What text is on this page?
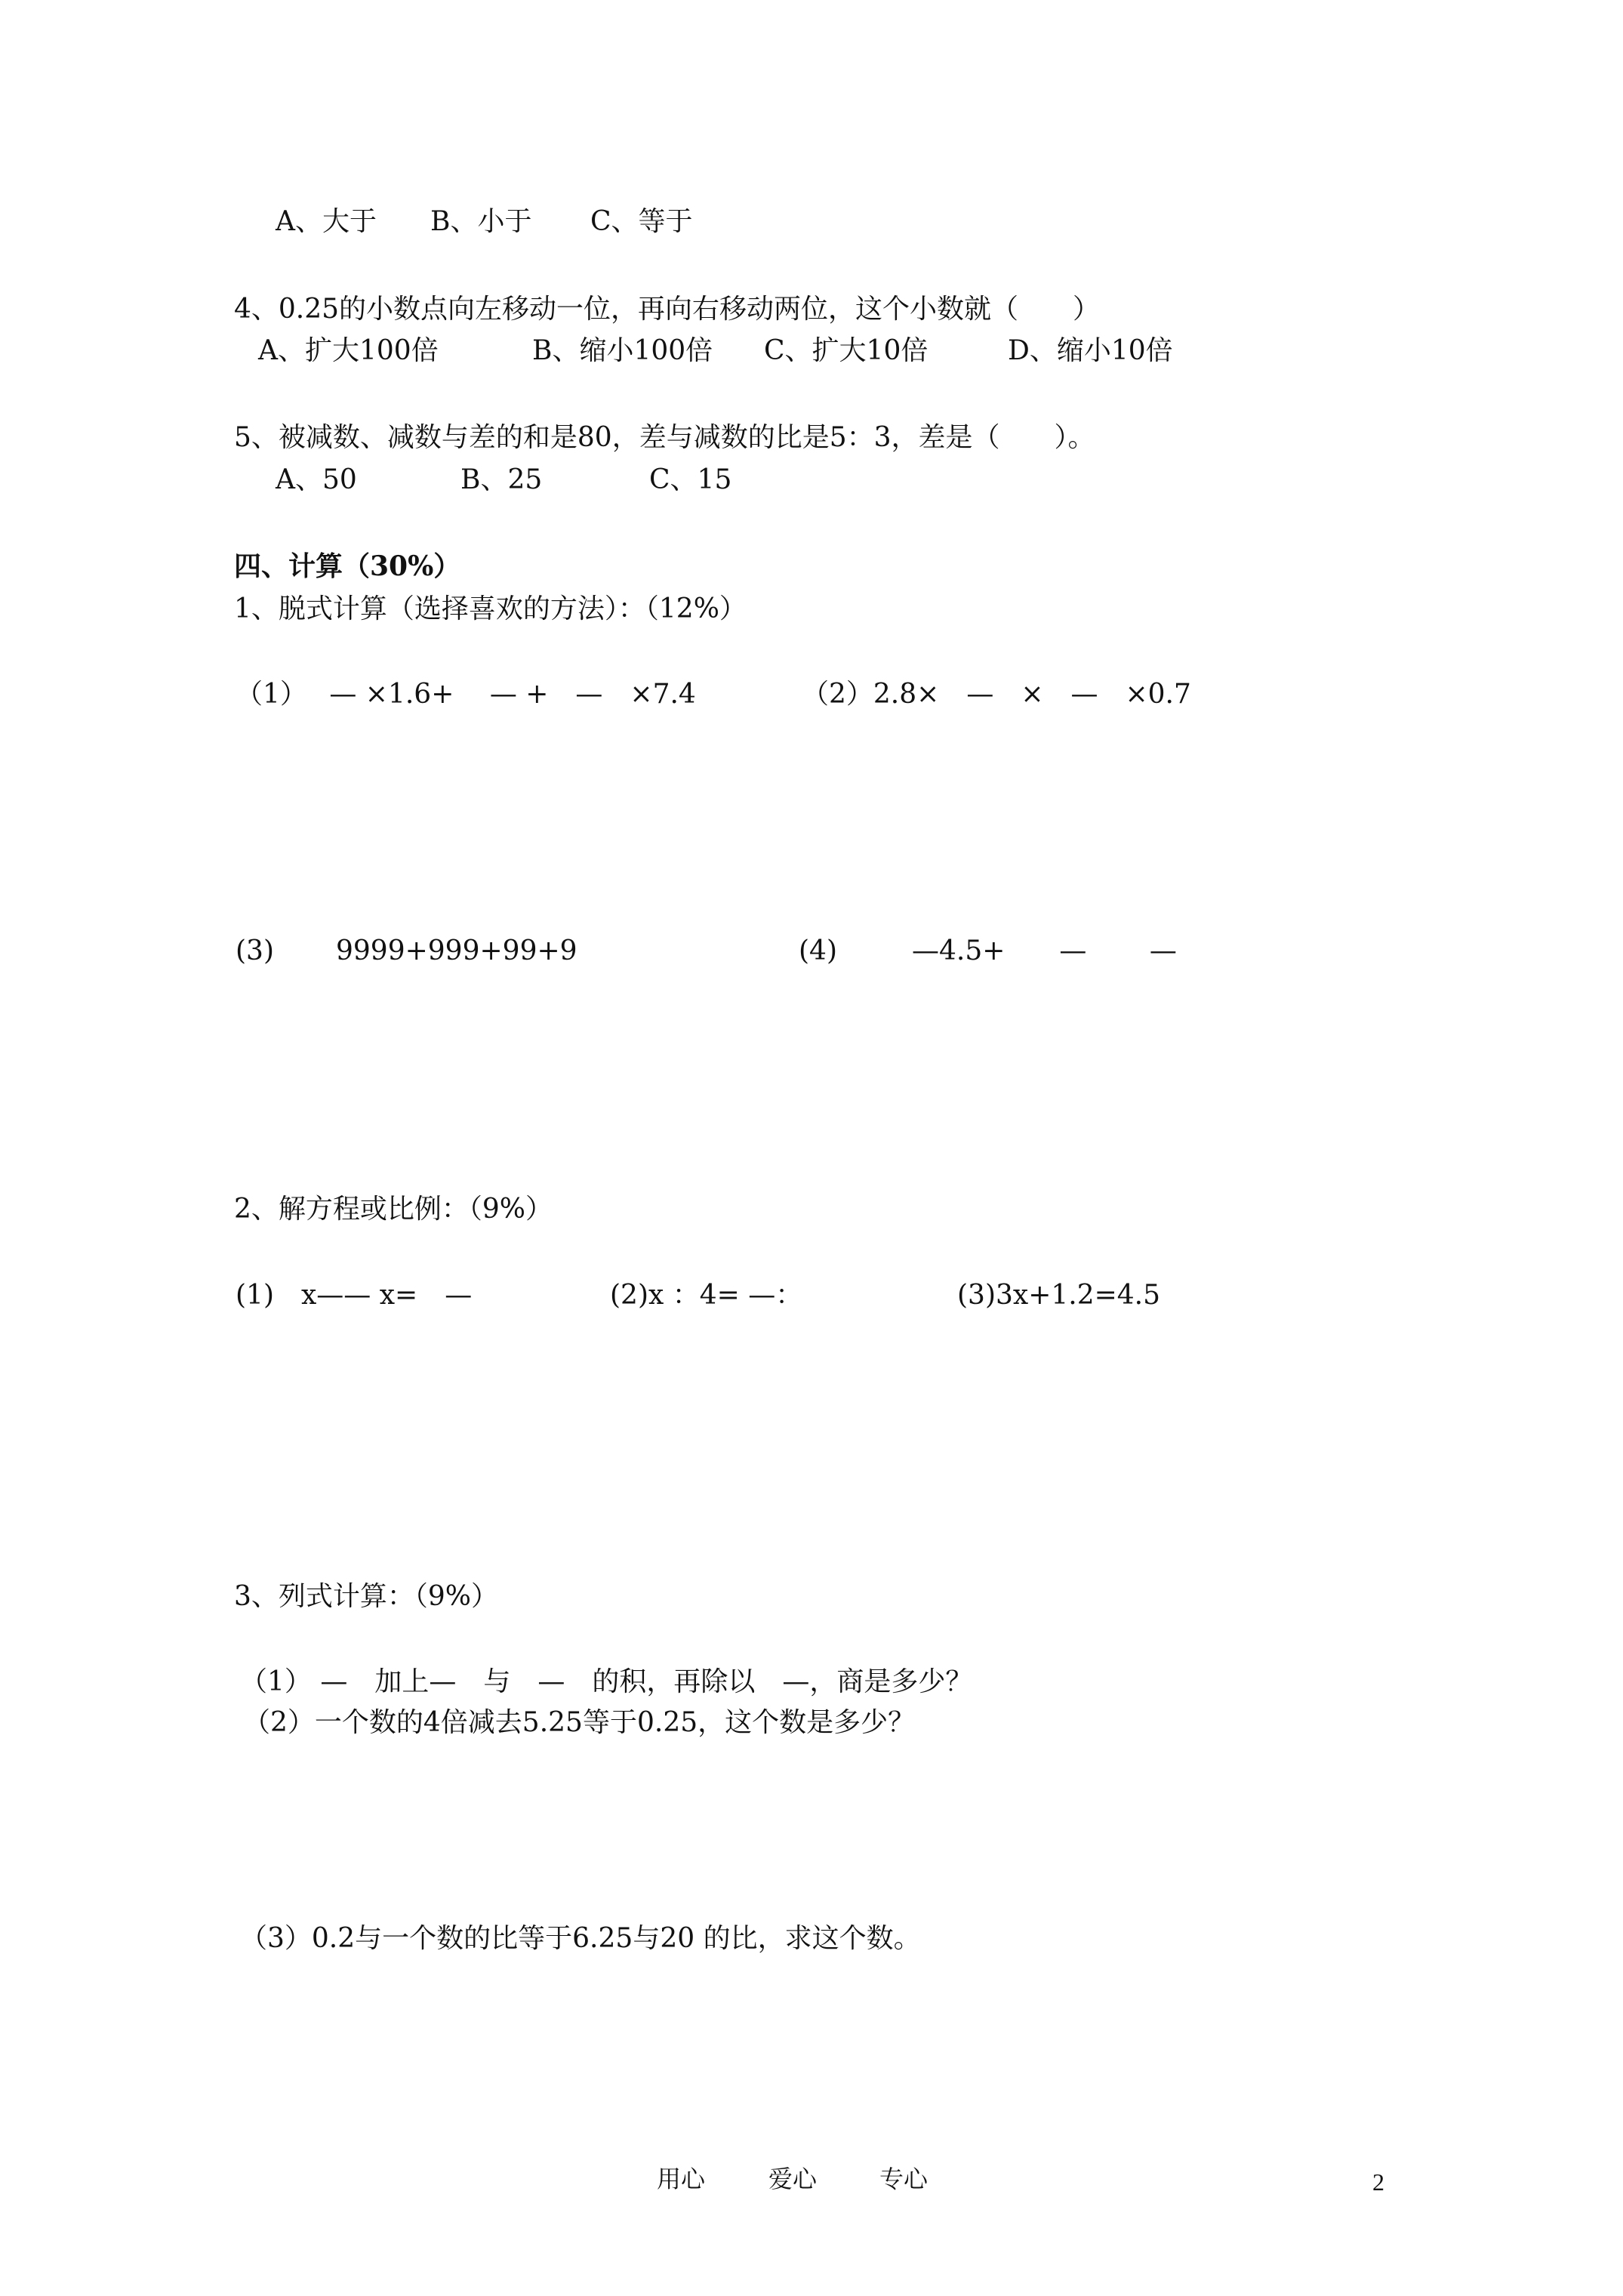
A、大于 B、小于 C、等于
4、0.25的小数点向左移动一位，再向右移动两位，这个小数就（　　）
A、扩大100倍	B、缩小100倍 C、扩大10倍	D、缩小10倍
5、被减数、减数与差的和是80，差与减数的比是5：3，差是（　　）。
A、50	B、25	C、15
四、计算（30%）
1、脱式计算（选择喜欢的方法）：（12%）
（1）　 — ×1.6+ 　— +　—　×7.4	（2）2.8×　—　×　—　×0.7
(3) 9999+999+99+9	(4)	—4.5+　　—　　 —
2、解方程或比例：（9%）
(1)　x—— x=　—	(2)x ：4= —：	(3)3x+1.2=4.5
3、列式计算：（9%）
（1） —　加上—　与　—　的积，再除以　—，商是多少？
（2）一个数的4倍减去5.25等于0.25，这个数是多少？
（3）0.2与一个数的比等于6.25与20 的比，求这个数。
用心	爱心	专心	2
